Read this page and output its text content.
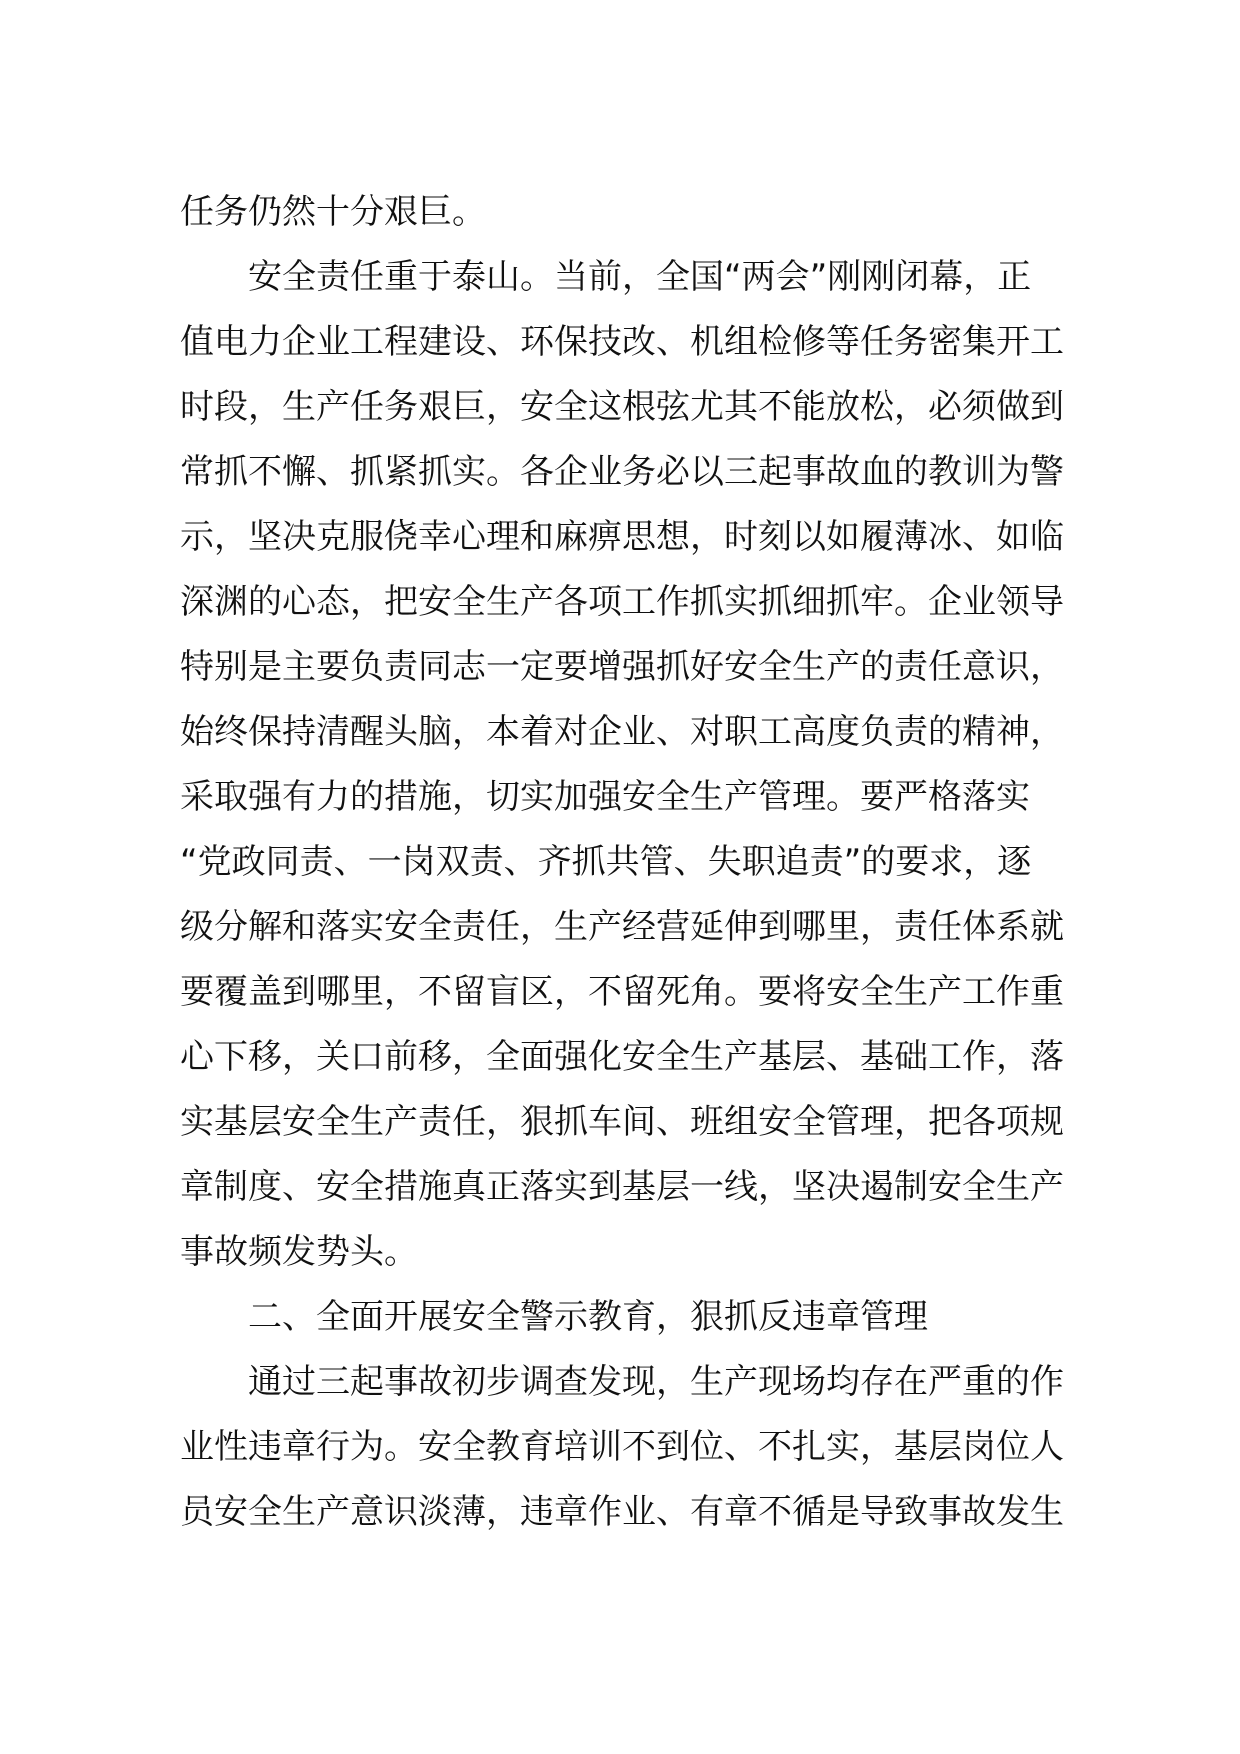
任务仍然十分艰巨。
安全责任重于泰山。当前，全国“两会”刚刚闭幕，正
值电力企业工程建设、环保技改、机组检修等任务密集开工
时段，生产任务艰巨，安全这根弦尤其不能放松，必须做到
常抓不懈、抓紧抓实。各企业务必以三起事故血的教训为警
示，坚决克服侥幸心理和麻痹思想，时刻以如履薄冰、如临
深渊的心态，把安全生产各项工作抓实抓细抓牢。企业领导
特别是主要负责同志一定要增强抓好安全生产的责任意识，
始终保持清醒头脑，本着对企业、对职工高度负责的精神，
采取强有力的措施，切实加强安全生产管理。要严格落实
“党政同责、一岗双责、齐抓共管、失职追责”的要求，逐
级分解和落实安全责任，生产经营延伸到哪里，责任体系就
要覆盖到哪里，不留盲区，不留死角。要将安全生产工作重
心下移，关口前移，全面强化安全生产基层、基础工作，落
实基层安全生产责任，狠抓车间、班组安全管理，把各项规
章制度、安全措施真正落实到基层一线，坚决遏制安全生产
事故频发势头。
二、全面开展安全警示教育，狠抓反违章管理
通过三起事故初步调查发现，生产现场均存在严重的作
业性违章行为。安全教育培训不到位、不扎实，基层岗位人
员安全生产意识淡薄，违章作业、有章不循是导致事故发生
